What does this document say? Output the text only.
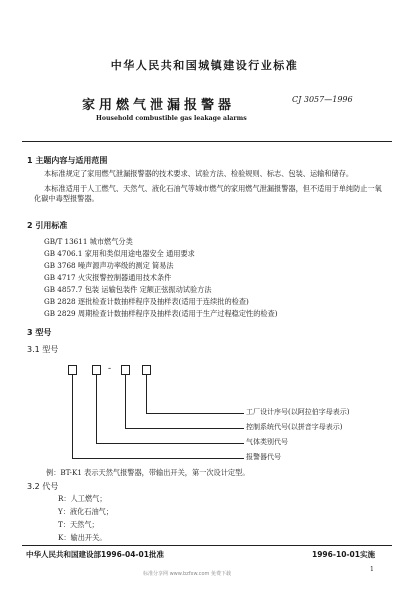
中华人民共和国城镇建设行业标准
家用燃气泄漏报警器	CJ 3057—1996
Household combustible gas leakage alarms
1 主题内容与适用范围
本标准规定了家用燃气泄漏报警器的技术要求、试验方法、检验规则、标志、包装、运输和储存。
本标准适用于人工燃气、天然气、液化石油气等城市燃气的家用燃气泄漏报警器，但不适用于单纯防止一氧化碳中毒型报警器。
2 引用标准
GB/T 13611 城市燃气分类
GB 4706.1 家用和类似用途电器安全 通用要求
GB 3768 噪声源声功率级的测定 简易法
GB 4717 火灾报警控制器通用技术条件
GB 4857.7 包装 运输包装件 定额正弦振动试验方法
GB 2828 逐批检查计数抽样程序及抽样表(适用于连续批的检查)
GB 2829 周期检查计数抽样程序及抽样表(适用于生产过程稳定性的检查)
3 型号
3.1 型号
-
工厂设计序号(以阿拉伯字母表示)
控制系统代号(以拼音字母表示)
气体类别代号
报警器代号
例：BT-K1 表示天然气报警器，带输出开关，第一次设计定型。
3.2 代号
R：人工燃气；
Y：液化石油气；
T：天然气；
K：输出开关。
中华人民共和国建设部1996-04-01批准	1996-10-01实施
1
标准分享网 www.bzfxw.com 免费下载
